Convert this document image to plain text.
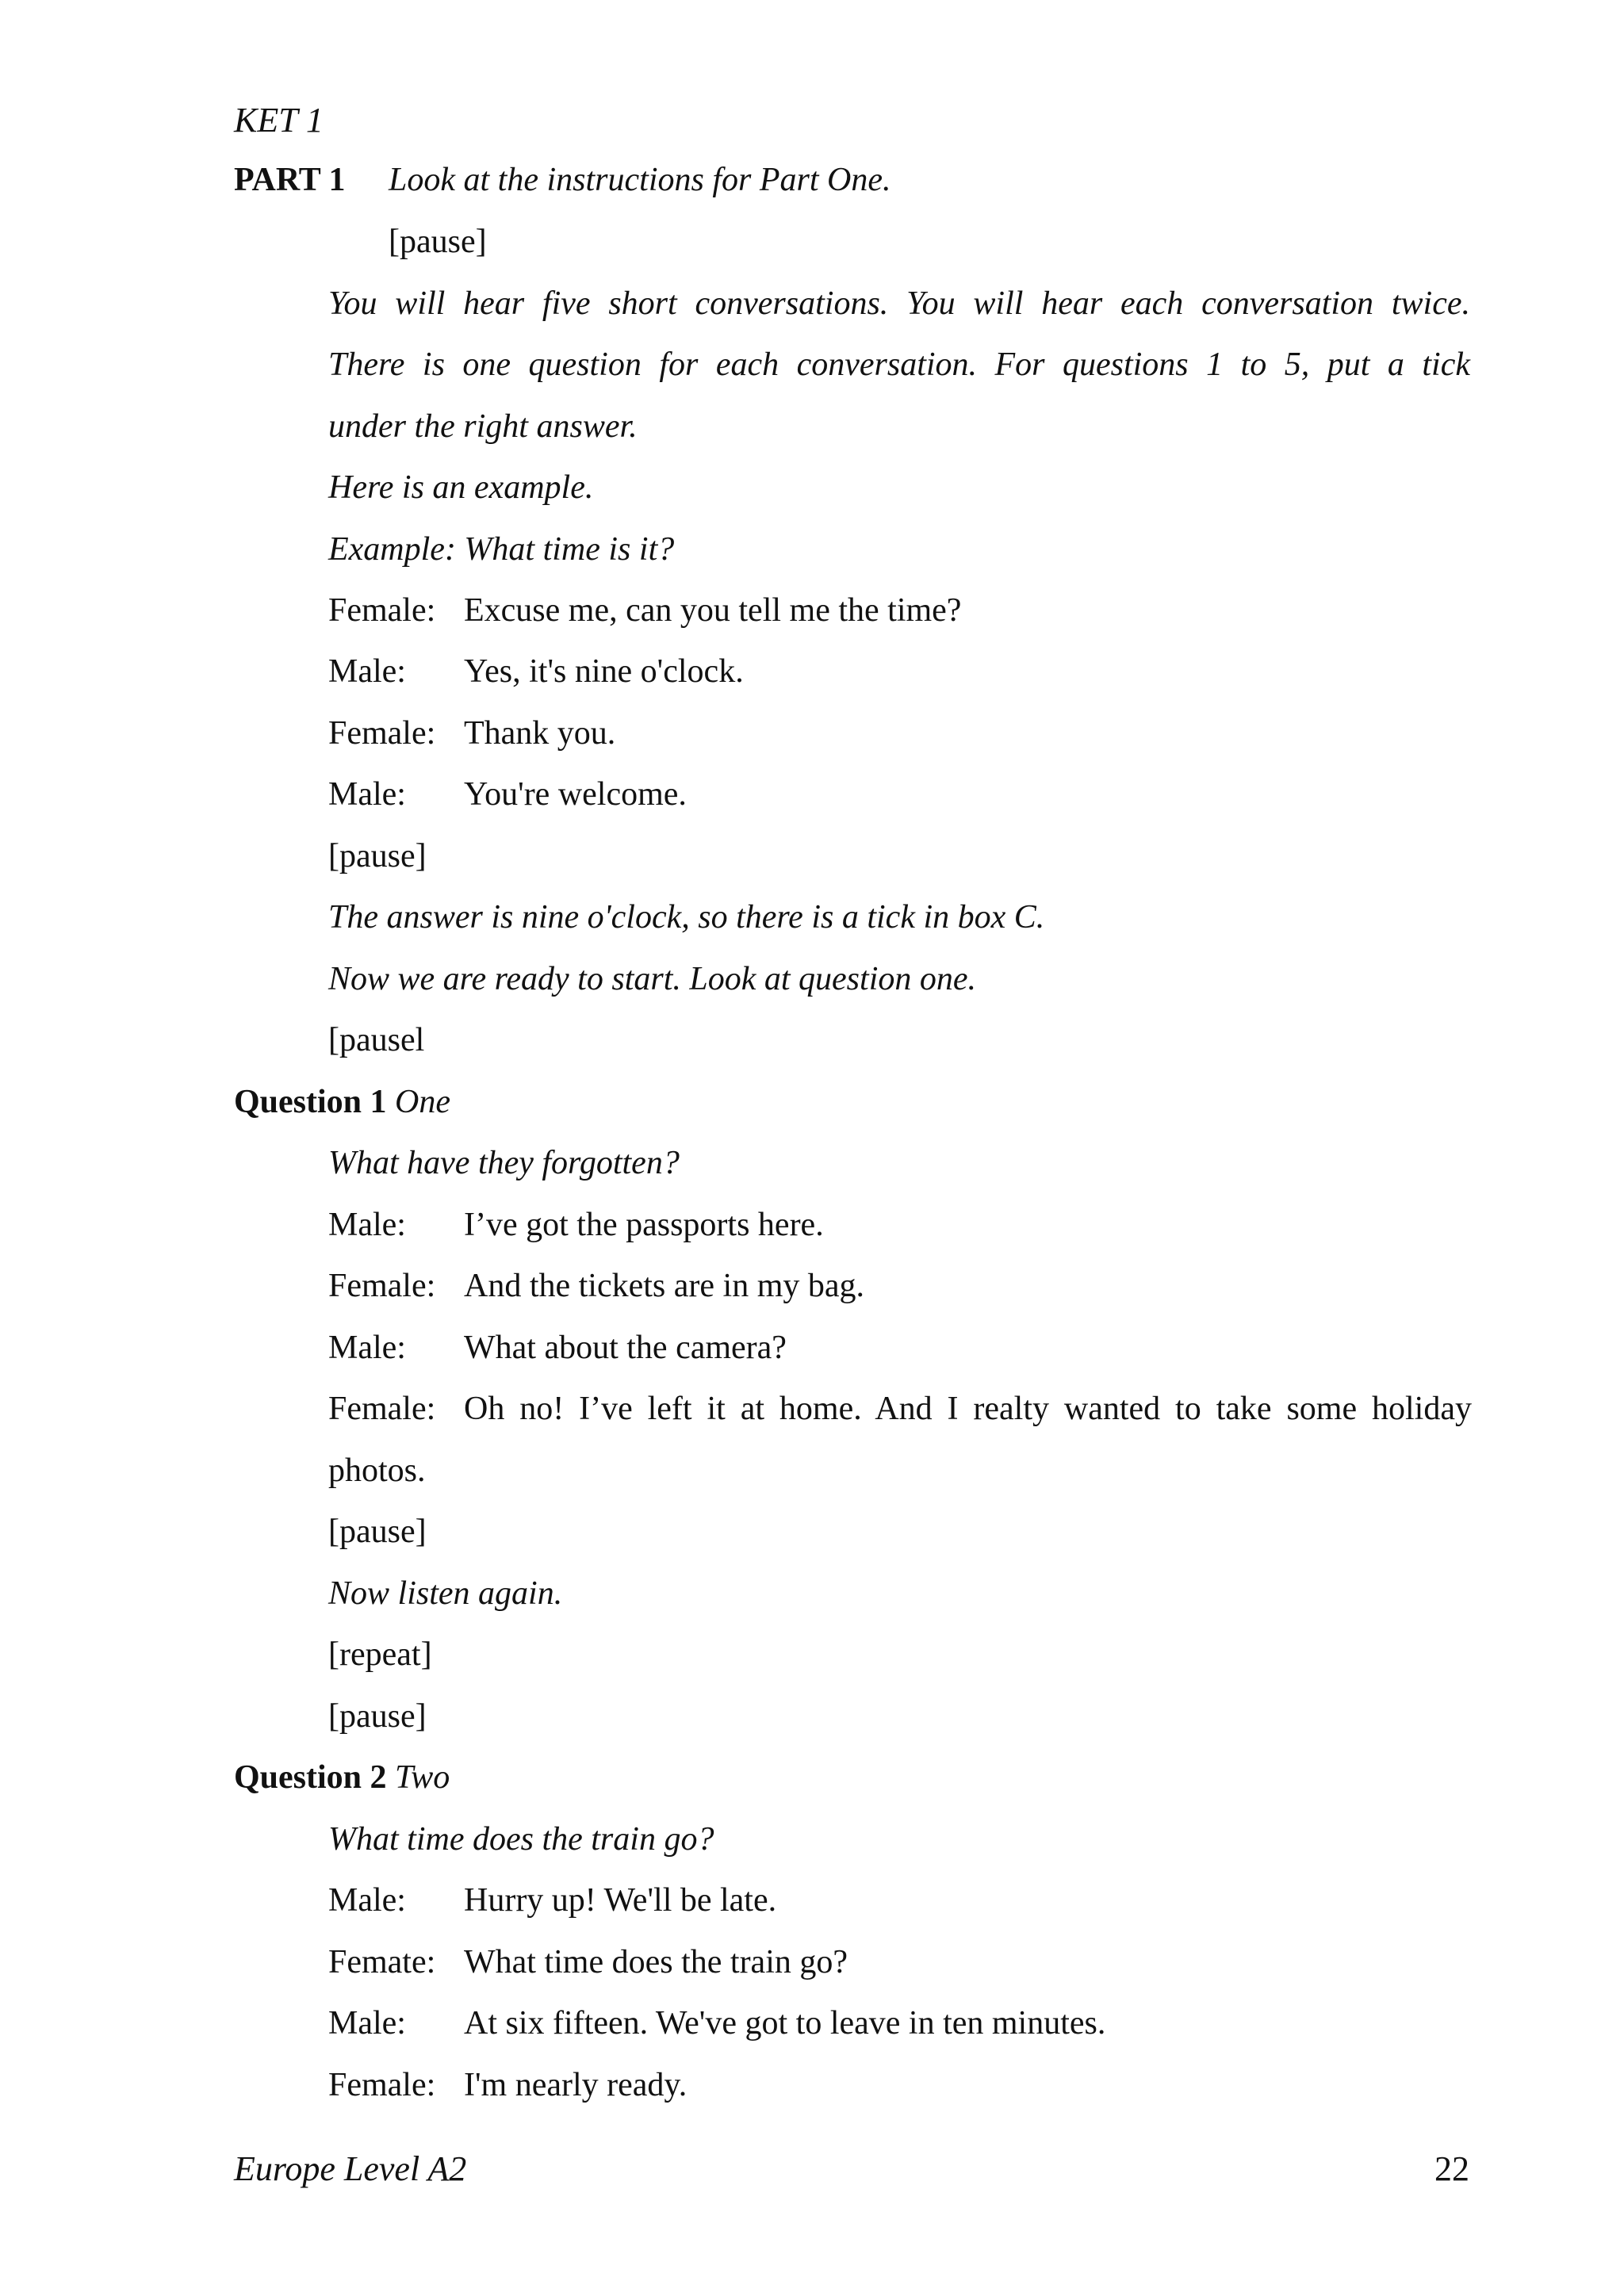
KET 1
PART 1 Look at the instructions for Part One.
[pause]
You will hear five short conversations. You will hear each conversation twice.
There is one question for each conversation. For questions 1 to 5, put a tick
under the right answer.
Here is an example.
Example: What time is it?
Female: Excuse me, can you tell me the time?
Male: Yes, it's nine o'clock.
Female: Thank you.
Male: You're welcome.
[pause]
The answer is nine o'clock, so there is a tick in box C.
Now we are ready to start. Look at question one.
[pausel
Question 1 One
What have they forgotten?
Male: I’ve got the passports here.
Female: And the tickets are in my bag.
Male: What about the camera?
Female: Oh no! I’ve left it at home. And I realty wanted to take some holiday
photos.
[pause]
Now listen again.
[repeat]
[pause]
Question 2 Two
What time does the train go?
Male: Hurry up! We'll be late.
Femate: What time does the train go?
Male: At six fifteen. We've got to leave in ten minutes.
Female: I'm nearly ready.
Europe Level A2	22
